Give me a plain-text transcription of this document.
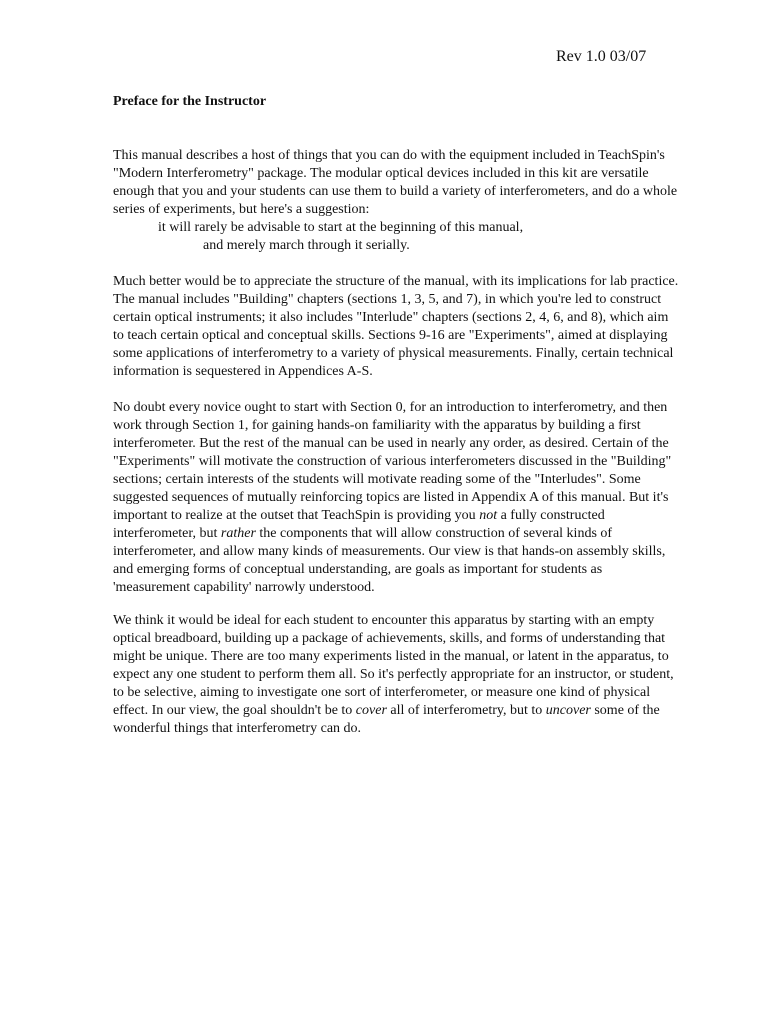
Rev 1.0 03/07
Preface for the Instructor
This manual describes a host of things that you can do with the equipment included in TeachSpin's
"Modern Interferometry" package. The modular optical devices included in this kit are versatile
enough that you and your students can use them to build a variety of interferometers, and do a whole
series of experiments, but here's a suggestion:
it will rarely be advisable to start at the beginning of this manual,
and merely march through it serially.
Much better would be to appreciate the structure of the manual, with its implications for lab practice.
The manual includes "Building" chapters (sections 1, 3, 5, and 7), in which you're led to construct
certain optical instruments; it also includes "Interlude" chapters (sections 2, 4, 6, and 8), which aim
to teach certain optical and conceptual skills. Sections 9-16 are "Experiments", aimed at displaying
some applications of interferometry to a variety of physical measurements. Finally, certain technical
information is sequestered in Appendices A-S.
No doubt every novice ought to start with Section 0, for an introduction to interferometry, and then
work through Section 1, for gaining hands-on familiarity with the apparatus by building a first
interferometer. But the rest of the manual can be used in nearly any order, as desired. Certain of the
"Experiments" will motivate the construction of various interferometers discussed in the "Building"
sections; certain interests of the students will motivate reading some of the "Interludes". Some
suggested sequences of mutually reinforcing topics are listed in Appendix A of this manual. But it's
important to realize at the outset that TeachSpin is providing you not a fully constructed
interferometer, but rather the components that will allow construction of several kinds of
interferometer, and allow many kinds of measurements. Our view is that hands-on assembly skills,
and emerging forms of conceptual understanding, are goals as important for students as
'measurement capability' narrowly understood.
We think it would be ideal for each student to encounter this apparatus by starting with an empty
optical breadboard, building up a package of achievements, skills, and forms of understanding that
might be unique. There are too many experiments listed in the manual, or latent in the apparatus, to
expect any one student to perform them all. So it's perfectly appropriate for an instructor, or student,
to be selective, aiming to investigate one sort of interferometer, or measure one kind of physical
effect. In our view, the goal shouldn't be to cover all of interferometry, but to uncover some of the
wonderful things that interferometry can do.
